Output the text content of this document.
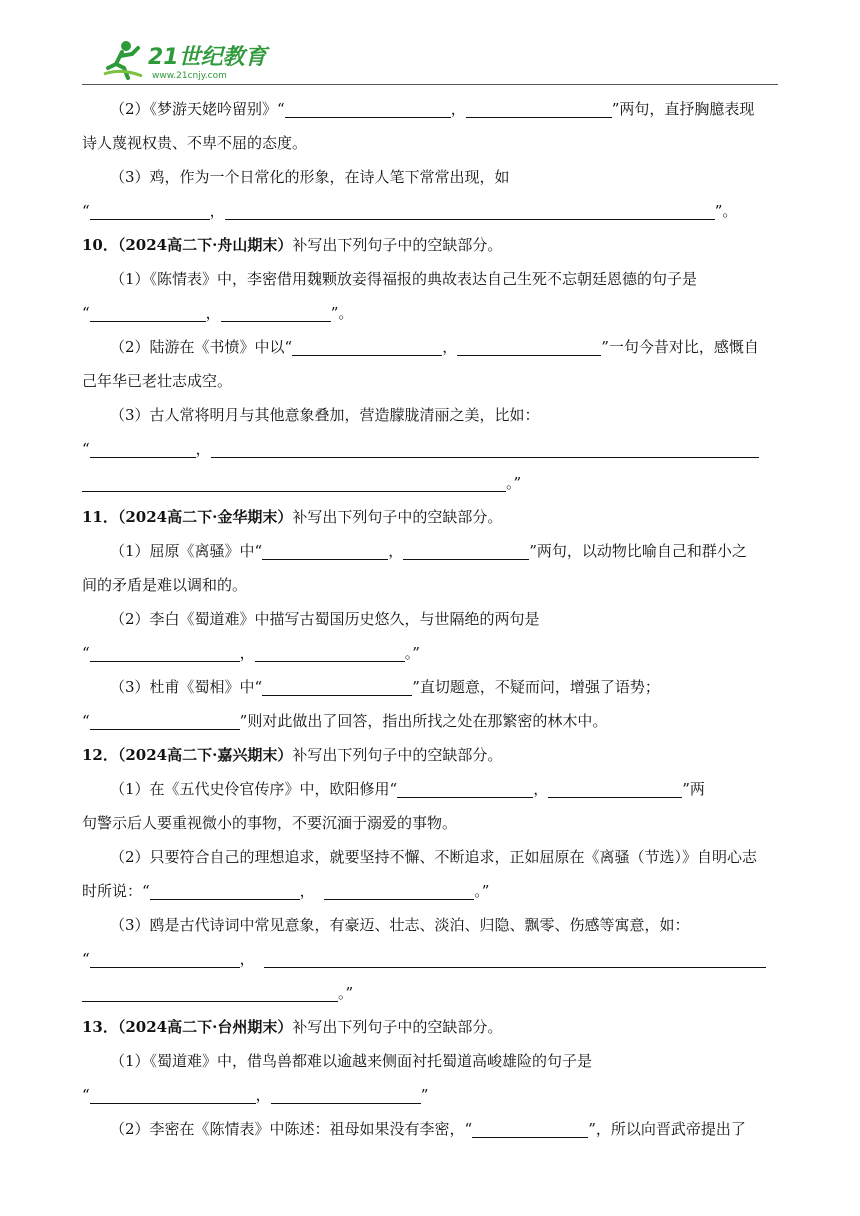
21世纪教育
www.21cnjy.com
（2）《梦游天姥吟留别》“	，	”两句，直抒胸臆表现
诗人蔑视权贵、不卑不屈的态度。
（3）鸡，作为一个日常化的形象，在诗人笔下常常出现，如
“	，	”。
10．（2024高二下·舟山期末）补写出下列句子中的空缺部分。
（1）《陈情表》中，李密借用魏颗放妾得福报的典故表达自己生死不忘朝廷恩德的句子是
“	，	”。
（2）陆游在《书愤》中以“	，	”一句今昔对比，感慨自
己年华已老壮志成空。
（3）古人常将明月与其他意象叠加，营造朦胧清丽之美，比如：
“	，
。”
11．（2024高二下·金华期末）补写出下列句子中的空缺部分。
（1）屈原《离骚》中“	，	”两句，以动物比喻自己和群小之
间的矛盾是难以调和的。
（2）李白《蜀道难》中描写古蜀国历史悠久，与世隔绝的两句是
“	，	。”
（3）杜甫《蜀相》中“	”直切题意，不疑而问，增强了语势；
“	”则对此做出了回答，指出所找之处在那繁密的林木中。
12．（2024高二下·嘉兴期末）补写出下列句子中的空缺部分。
（1）在《五代史伶官传序》中，欧阳修用“	，	”两
句警示后人要重视微小的事物，不要沉湎于溺爱的事物。
（2）只要符合自己的理想追求，就要坚持不懈、不断追求，正如屈原在《离骚（节选）》自明心志
时所说：“	，	。”
（3）鸥是古代诗词中常见意象，有豪迈、壮志、淡泊、归隐、飘零、伤感等寓意，如：
“	，
。”
13．（2024高二下·台州期末）补写出下列句子中的空缺部分。
（1）《蜀道难》中，借鸟兽都难以逾越来侧面衬托蜀道高峻雄险的句子是
“	，	”
（2）李密在《陈情表》中陈述：祖母如果没有李密，“	”，所以向晋武帝提出了
